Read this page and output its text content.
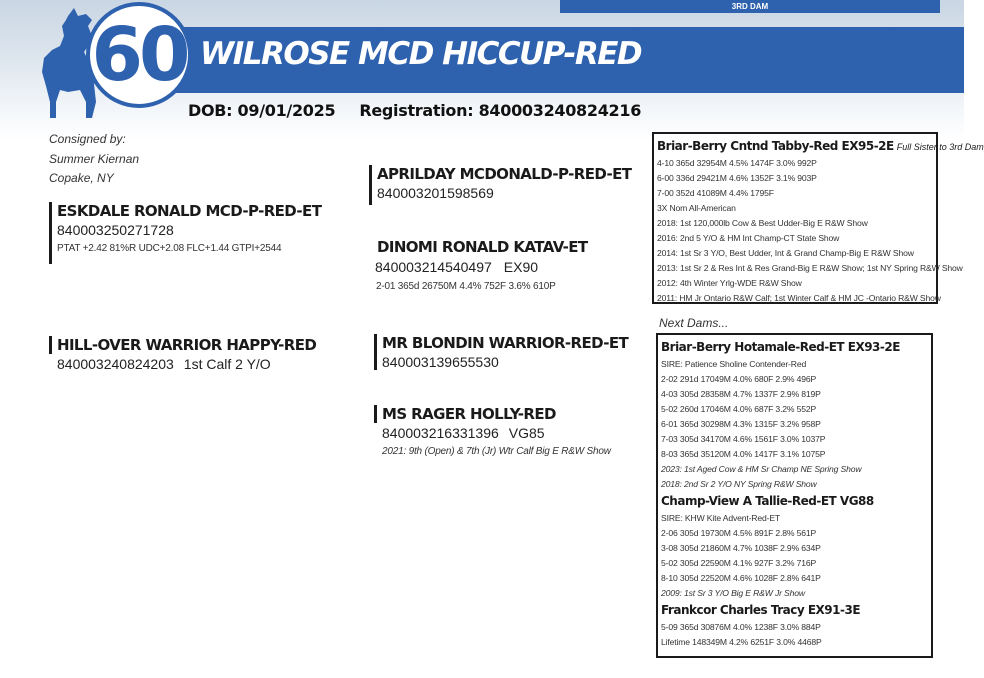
3RD DAM
60 WILROSE MCD HICCUP-RED
DOB: 09/01/2025 Registration: 840003240824216
Consigned by:
Summer Kiernan
Copake, NY
ESKDALE RONALD MCD-P-RED-ET
840003250271728
PTAT +2.42 81%R UDC+2.08 FLC+1.44 GTPI+2544
HILL-OVER WARRIOR HAPPY-RED
840003240824203 1st Calf 2 Y/O
APRILDAY MCDONALD-P-RED-ET
840003201598569
DINOMI RONALD KATAV-ET
840003214540497 EX90
2-01 365d 26750M 4.4% 752F 3.6% 610P
MR BLONDIN WARRIOR-RED-ET
840003139655530
MS RAGER HOLLY-RED
840003216331396 VG85
2021: 9th (Open) & 7th (Jr) Wtr Calf Big E R&W Show
Briar-Berry Cntnd Tabby-Red EX95-2E Full Sister to 3rd Dam
4-10 365d 32954M 4.5% 1474F 3.0% 992P
6-00 336d 29421M 4.6% 1352F 3.1% 903P
7-00 352d 41089M 4.4% 1795F
3X Nom All-American
2018: 1st 120,000lb Cow & Best Udder-Big E R&W Show
2016: 2nd 5 Y/O & HM Int Champ-CT State Show
2014: 1st Sr 3 Y/O, Best Udder, Int & Grand Champ-Big E R&W Show
2013: 1st Sr 2 & Res Int & Res Grand-Big E R&W Show; 1st NY Spring R&W Show
2012: 4th Winter Yrlg-WDE R&W Show
2011: HM Jr Ontario R&W Calf; 1st Winter Calf & HM JC -Ontario R&W Show
Next Dams...
Briar-Berry Hotamale-Red-ET EX93-2E
SIRE: Patience Sholine Contender-Red
2-02 291d 17049M 4.0% 680F 2.9% 496P
4-03 305d 28358M 4.7% 1337F 2.9% 819P
5-02 260d 17046M 4.0% 687F 3.2% 552P
6-01 365d 30298M 4.3% 1315F 3.2% 958P
7-03 305d 34170M 4.6% 1561F 3.0% 1037P
8-03 365d 35120M 4.0% 1417F 3.1% 1075P
2023: 1st Aged Cow & HM Sr Champ NE Spring Show
2018: 2nd Sr 2 Y/O NY Spring R&W Show
Champ-View A Tallie-Red-ET VG88
SIRE: KHW Kite Advent-Red-ET
2-06 305d 19730M 4.5% 891F 2.8% 561P
3-08 305d 21860M 4.7% 1038F 2.9% 634P
5-02 305d 22590M 4.1% 927F 3.2% 716P
8-10 305d 22520M 4.6% 1028F 2.8% 641P
2009: 1st Sr 3 Y/O Big E R&W Jr Show
Frankcor Charles Tracy EX91-3E
5-09 365d 30876M 4.0% 1238F 3.0% 884P
Lifetime 148349M 4.2% 6251F 3.0% 4468P
